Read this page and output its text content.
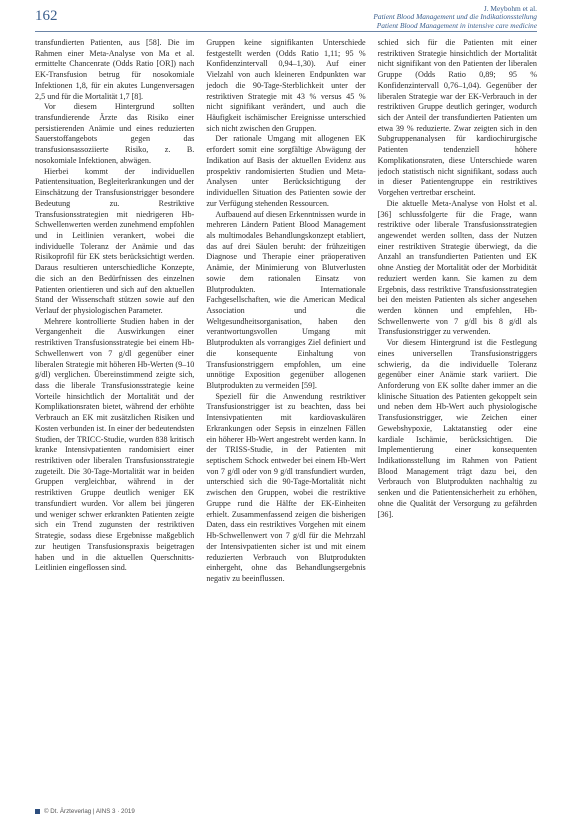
162	J. Meybohm et al.
Patient Blood Management und die Indikationsstellung
Patient Blood Management in intensive care medicine

transfundierten Patienten, aus [58]. Die im Rahmen einer Meta-Analyse von Ma et al. ermittelte Chancenrate (Odds Ratio [OR]) nach EK-Transfusion betrug für nosokomiale Infektionen 1,8, für ein akutes Lungenversagen 2,5 und für die Mortalität 1,7 [8].

Vor diesem Hintergrund sollten transfundierende Ärzte das Risiko einer persistierenden Anämie und eines reduzierten Sauerstoffangebots gegen das transfusionsassoziierte Risiko, z. B. nosokomiale Infektionen, abwägen.

Hierbei kommt der individuellen Patientensituation, Begleiterkrankungen und der Einschätzung der Transfusionstrigger besondere Bedeutung zu. Restriktive Transfusionsstrategien mit niedrigeren Hb-Schwellenwerten werden zunehmend empfohlen und in Leitlinien verankert, wobei die individuelle Toleranz der Anämie und das Risikoprofil für EK stets berücksichtigt werden. Daraus resultieren unterschiedliche Konzepte, die sich an den Bedürfnissen des einzelnen Patienten orientieren und sich auf den aktuellen Stand der Wissenschaft stützen sowie auf den Verlauf der physiologischen Parameter.

Mehrere kontrollierte Studien haben in der Vergangenheit die Auswirkungen einer restriktiven Transfusionsstrategie bei einem Hb-Schwellenwert von 7 g/dl gegenüber einer liberalen Strategie mit höheren Hb-Werten (9–10 g/dl) verglichen. Übereinstimmend zeigte sich, dass die liberale Transfusionsstrategie keine Vorteile hinsichtlich der Mortalität und der Komplikationsraten bietet, während der erhöhte Verbrauch an EK mit zusätzlichen Risiken und Kosten verbunden ist. In einer der bedeutendsten Studien, der TRICC-Studie, wurden 838 kritisch kranke Intensivpatienten randomisiert einer restriktiven oder liberalen Transfusionsstrategie zugeteilt. Die 30-Tage-Mortalität war in beiden Gruppen vergleichbar, während in der restriktiven Gruppe deutlich weniger EK transfundiert wurden. Vor allem bei jüngeren und weniger schwer erkrankten Patienten zeigte sich ein Trend zugunsten der restriktiven Strategie, sodass diese Ergebnisse maßgeblich zur heutigen Transfusionspraxis beigetragen haben und in die aktuellen Querschnitts-Leitlinien eingeflossen sind.

Gruppen keine signifikanten Unterschiede festgestellt werden (Odds Ratio 1,11; 95 % Konfidenzintervall 0,94–1,30). Auf einer Vielzahl von auch kleineren Endpunkten war jedoch die 90-Tage-Sterblichkeit unter der restriktiven Strategie mit 43 % versus 45 % nicht signifikant verändert, und auch die Häufigkeit ischämischer Ereignisse unterschied sich nicht zwischen den Gruppen.

Der rationale Umgang mit allogenen EK erfordert somit eine sorgfältige Abwägung der Indikation auf Basis der aktuellen Evidenz aus prospektiv randomisierten Studien und Meta-Analysen unter Berücksichtigung der individuellen Situation des Patienten sowie der zur Verfügung stehenden Ressourcen.

Aufbauend auf diesen Erkenntnissen wurde in mehreren Ländern Patient Blood Management als multimodales Behandlungskonzept etabliert, das auf drei Säulen beruht: der frühzeitigen Diagnose und Therapie einer präoperativen Anämie, der Minimierung von Blutverlusten sowie dem rationalen Einsatz von Blutprodukten. Internationale Fachgesellschaften, wie die American Medical Association und die Weltgesundheitsorganisation, haben den verantwortungsvollen Umgang mit Blutprodukten als vorrangiges Ziel definiert und die konsequente Einhaltung von Transfusionstriggern empfohlen, um eine unnötige Exposition gegenüber allogenen Blutprodukten zu vermeiden [59].

Speziell für die Anwendung restriktiver Transfusionstrigger ist zu beachten, dass bei Intensivpatienten mit kardiovaskulären Erkrankungen oder Sepsis in einzelnen Fällen ein höherer Hb-Wert angestrebt werden kann. In der TRISS-Studie, in der Patienten mit septischem Schock entweder bei einem Hb-Wert von 7 g/dl oder von 9 g/dl transfundiert wurden, unterschied sich die 90-Tage-Mortalität nicht zwischen den Gruppen, wobei die restriktive Gruppe rund die Hälfte der EK-Einheiten erhielt. Zusammenfassend zeigen die bisherigen Daten, dass ein restriktives Vorgehen mit einem Hb-Schwellenwert von 7 g/dl für die Mehrzahl der Intensivpatienten sicher ist und mit einem reduzierten Verbrauch von Blutprodukten einhergeht, ohne das Behandlungsergebnis negativ zu beeinflussen.

schied sich für die Patienten mit einer restriktiven Strategie hinsichtlich der Mortalität nicht signifikant von den Patienten der liberalen Gruppe (Odds Ratio 0,89; 95 % Konfidenzintervall 0,76–1,04). Gegenüber der liberalen Strategie war der EK-Verbrauch in der restriktiven Gruppe deutlich geringer, wodurch sich der Anteil der transfundierten Patienten um etwa 39 % reduzierte. Zwar zeigten sich in den Subgruppenanalysen für kardiochirurgische Patienten tendenziell höhere Komplikationsraten, diese Unterschiede waren jedoch statistisch nicht signifikant, sodass auch in dieser Patientengruppe ein restriktives Vorgehen vertretbar erscheint.

Die aktuelle Meta-Analyse von Holst et al. [36] schlussfolgerte für die Frage, wann restriktive oder liberale Transfusionsstrategien angewendet werden sollten, dass der Nutzen einer restriktiven Strategie überwiegt, da die Anzahl an transfundierten Patienten und EK ohne Anstieg der Mortalität oder der Morbidität reduziert werden kann. Sie kamen zu dem Ergebnis, dass restriktive Transfusionsstrategien bei den meisten Patienten als sicher angesehen werden können und empfehlen, Hb-Schwellenwerte von 7 g/dl bis 8 g/dl als Transfusionstrigger zu verwenden.

Vor diesem Hintergrund ist die Festlegung eines universellen Transfusionstriggers schwierig, da die individuelle Toleranz gegenüber einer Anämie stark variiert. Die Anforderung von EK sollte daher immer an die klinische Situation des Patienten gekoppelt sein und neben dem Hb-Wert auch physiologische Transfusionstrigger, wie Zeichen einer Gewebshypoxie, Laktatanstieg oder eine kardiale Ischämie, berücksichtigen. Die Implementierung einer konsequenten Indikationsstellung im Rahmen von Patient Blood Management trägt dazu bei, den Verbrauch von Blutprodukten nachhaltig zu senken und die Patientensicherheit zu erhöhen, ohne die Qualität der Versorgung zu gefährden [36].

© Dt. Ärzteverlag | AINS 3 · 2019
